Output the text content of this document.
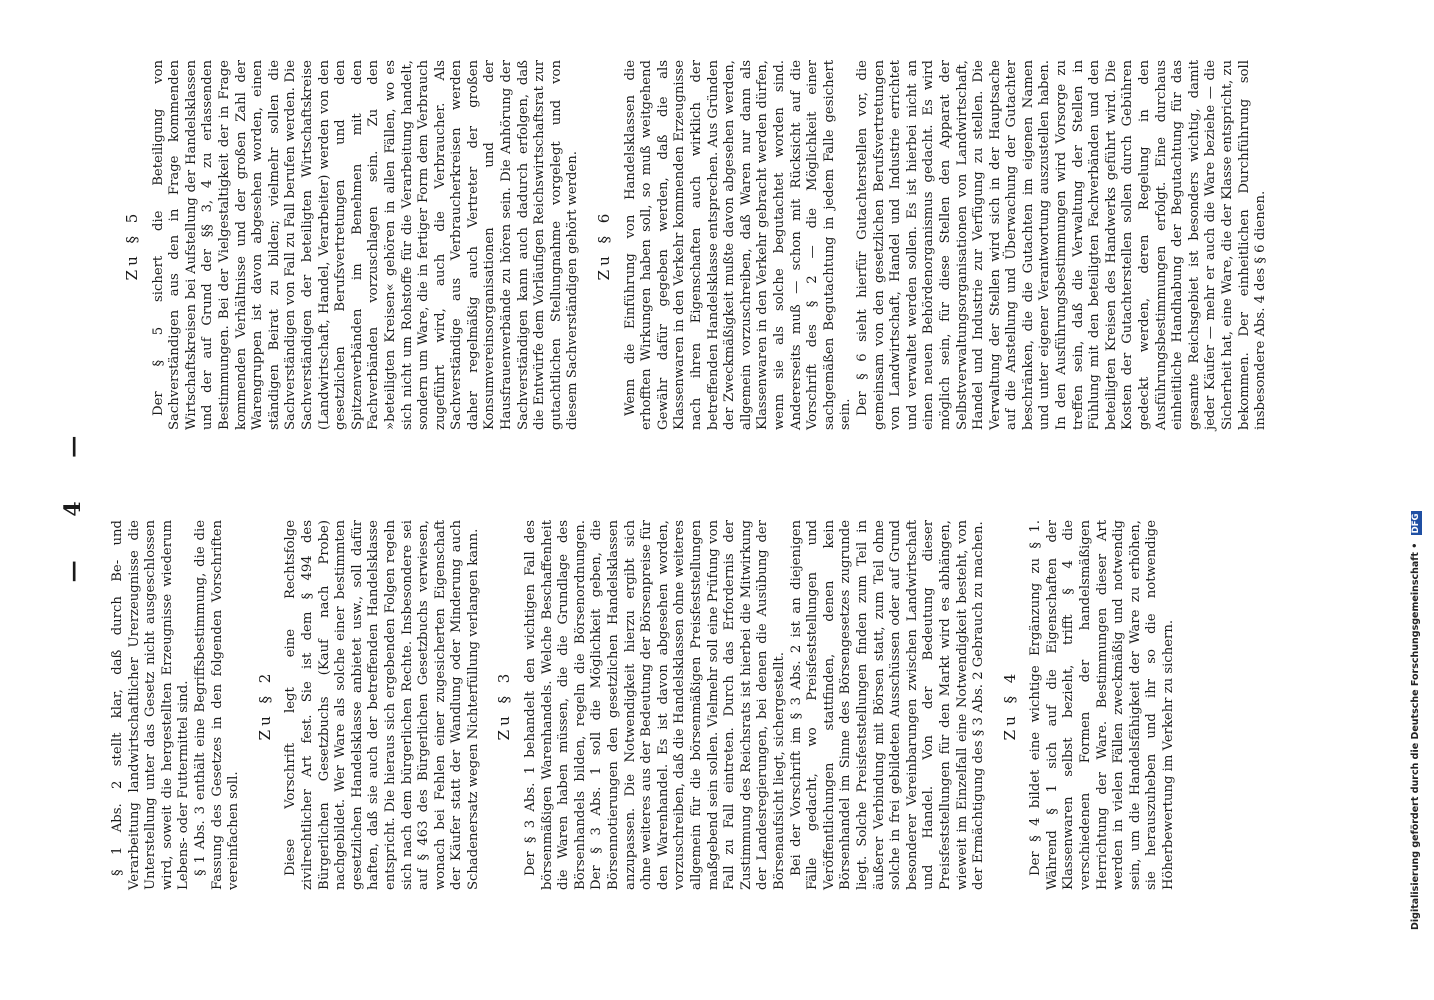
— 4 —

§ 1 Abs. 2 stellt klar, daß durch Be- und Verarbeitung landwirtschaftlicher Urerzeugnisse die Unterstellung unter das Gesetz nicht ausgeschlossen wird, soweit die hergestellten Erzeugnisse wiederum Lebens- oder Futtermittel sind. § 1 Abs. 3 enthält eine Begriffsbestimmung, die die Fassung des Gesetzes in den folgenden Vorschriften vereinfachen soll.

Zu § 2 Diese Vorschrift legt eine Rechtsfolge zivilrechtlicher Art fest. Sie ist dem § 494 des Bürgerlichen Gesetzbuchs (Kauf nach Probe) nachgebildet. Wer Ware als solche einer bestimmten gesetzlichen Handelsklasse anbietet usw., soll dafür haften, daß sie auch der betreffenden Handelsklasse entspricht. Die hieraus sich ergebenden Folgen regeln sich nach dem bürgerlichen Rechte. Insbesondere sei auf § 463 des Bürgerlichen Gesetzbuchs verwiesen, wonach bei Fehlen einer zugesicherten Eigenschaft der Käufer statt der Wandlung oder Minderung auch Schadenersatz wegen Nichterfüllung verlangen kann. Zu § 3 Der § 3 Abs. 1 behandelt den wichtigen Fall des börsenmäßigen Warenhandels. Welche Beschaffenheit die Waren haben müssen, die die Grundlage des Börsenhandels bilden, regeln die Börsenordnungen. Der § 3 Abs. 1 soll die Möglichkeit geben, die Börsennotierungen den gesetzlichen Handelsklassen anzupassen. Die Notwendigkeit hierzu ergibt sich ohne weiteres aus der Bedeutung der Börsenpreise für den Warenhandel. Es ist davon abgesehen worden, vorzuschreiben, daß die Handelsklassen ohne weiteres allgemein für die börsenmäßigen Preisfeststellungen maßgebend sein sollen. Vielmehr soll eine Prüfung von Fall zu Fall eintreten. Durch das Erfordernis der Zustimmung des Reichsrats ist hierbei die Mitwirkung der Landesregierungen, bei denen die Ausübung der Börsenaufsicht liegt, sichergestellt. Bei der Vorschrift im § 3 Abs. 2 ist an diejenigen Fälle gedacht, wo Preisfeststellungen und Veröffentlichungen stattfinden, denen kein Börsenhandel im Sinne des Börsengesetzes zugrunde liegt. Solche Preisfeststellungen finden zum Teil in äußerer Verbindung mit Börsen statt, zum Teil ohne solche in frei gebildeten Ausschüssen oder auf Grund besonderer Vereinbarungen zwischen Landwirtschaft und Handel. Von der Bedeutung dieser Preisfeststellungen für den Markt wird es abhängen, wieweit im Einzelfall eine Notwendigkeit besteht, von der Ermächtigung des § 3 Abs. 2 Gebrauch zu machen. Zu § 4 Der § 4 bildet eine wichtige Ergänzung zu § 1. Während § 1 sich auf die Eigenschaften der Klassenwaren selbst bezieht, trifft § 4 die verschiedenen Formen der handelsmäßigen Herrichtung der Ware. Bestimmungen dieser Art werden in vielen Fällen zweckmäßig und notwendig sein, um die Handelsfähigkeit der Ware zu erhöhen, sie herauszuheben und ihr so die notwendige Höherbewertung im Verkehr zu sichern.

Zu § 5 Der § 5 sichert die Beteiligung von Sachverständigen aus den in Frage kommenden Wirtschaftskreisen bei Aufstellung der Handelsklassen und der auf Grund der §§ 3, 4 zu erlassenden Bestimmungen. Bei der Vielgestaltigkeit der in Frage kommenden Verhältnisse und der großen Zahl der Warengruppen ist davon abgesehen worden, einen ständigen Beirat zu bilden; vielmehr sollen die Sachverständigen von Fall zu Fall berufen werden. Die Sachverständigen der beteiligten Wirtschaftskreise (Landwirtschaft, Handel, Verarbeiter) werden von den gesetzlichen Berufsvertretungen und den Spitzenverbänden im Benehmen mit den Fachverbänden vorzuschlagen sein. Zu den »beteiligten Kreisen« gehören in allen Fällen, wo es sich nicht um Rohstoffe für die Verarbeitung handelt, sondern um Ware, die in fertiger Form dem Verbrauch zugeführt wird, auch die Verbraucher. Als Sachverständige aus Verbraucherkreisen werden daher regelmäßig auch Vertreter der großen Konsumvereinsorganisationen und der Hausfrauenverbände zu hören sein. Die Anhörung der Sachverständigen kann auch dadurch erfolgen, daß die Entwürfe dem Vorläufigen Reichswirtschaftsrat zur gutachtlichen Stellungnahme vorgelegt und von diesem Sachverständigen gehört werden. Zu § 6 Wenn die Einführung von Handelsklassen die erhofften Wirkungen haben soll, so muß weitgehend Gewähr dafür gegeben werden, daß die als Klassenwaren in den Verkehr kommenden Erzeugnisse nach ihren Eigenschaften auch wirklich der betreffenden Handelsklasse entsprechen. Aus Gründen der Zweckmäßigkeit mußte davon abgesehen werden, allgemein vorzuschreiben, daß Waren nur dann als Klassenwaren in den Verkehr gebracht werden dürfen, wenn sie als solche begutachtet worden sind. Andererseits muß — schon mit Rücksicht auf die Vorschrift des § 2 — die Möglichkeit einer sachgemäßen Begutachtung in jedem Falle gesichert sein. Der § 6 sieht hierfür Gutachterstellen vor, die gemeinsam von den gesetzlichen Berufsvertretungen von Landwirtschaft, Handel und Industrie errichtet und verwaltet werden sollen. Es ist hierbei nicht an einen neuen Behördenorganismus gedacht. Es wird möglich sein, für diese Stellen den Apparat der Selbstverwaltungsorganisationen von Landwirtschaft, Handel und Industrie zur Verfügung zu stellen. Die Verwaltung der Stellen wird sich in der Hauptsache auf die Anstellung und Überwachung der Gutachter beschränken, die die Gutachten im eigenen Namen und unter eigener Verantwortung auszustellen haben. In den Ausführungsbestimmungen wird Vorsorge zu treffen sein, daß die Verwaltung der Stellen in Fühlung mit den beteiligten Fachverbänden und den beteiligten Kreisen des Handwerks geführt wird. Die Kosten der Gutachterstellen sollen durch Gebühren gedeckt werden, deren Regelung in den Ausführungsbestimmungen erfolgt. Eine durchaus einheitliche Handhabung der Begutachtung für das gesamte Reichsgebiet ist besonders wichtig, damit jeder Käufer — mehr er auch die Ware beziehe — die Sicherheit hat, eine Ware, die der Klasse entspricht, zu bekommen. Der einheitlichen Durchführung soll insbesondere Abs. 4 des § 6 dienen.

Digitalisierung gefördert durch die Deutsche Forschungsgemeinschaft • DFG
